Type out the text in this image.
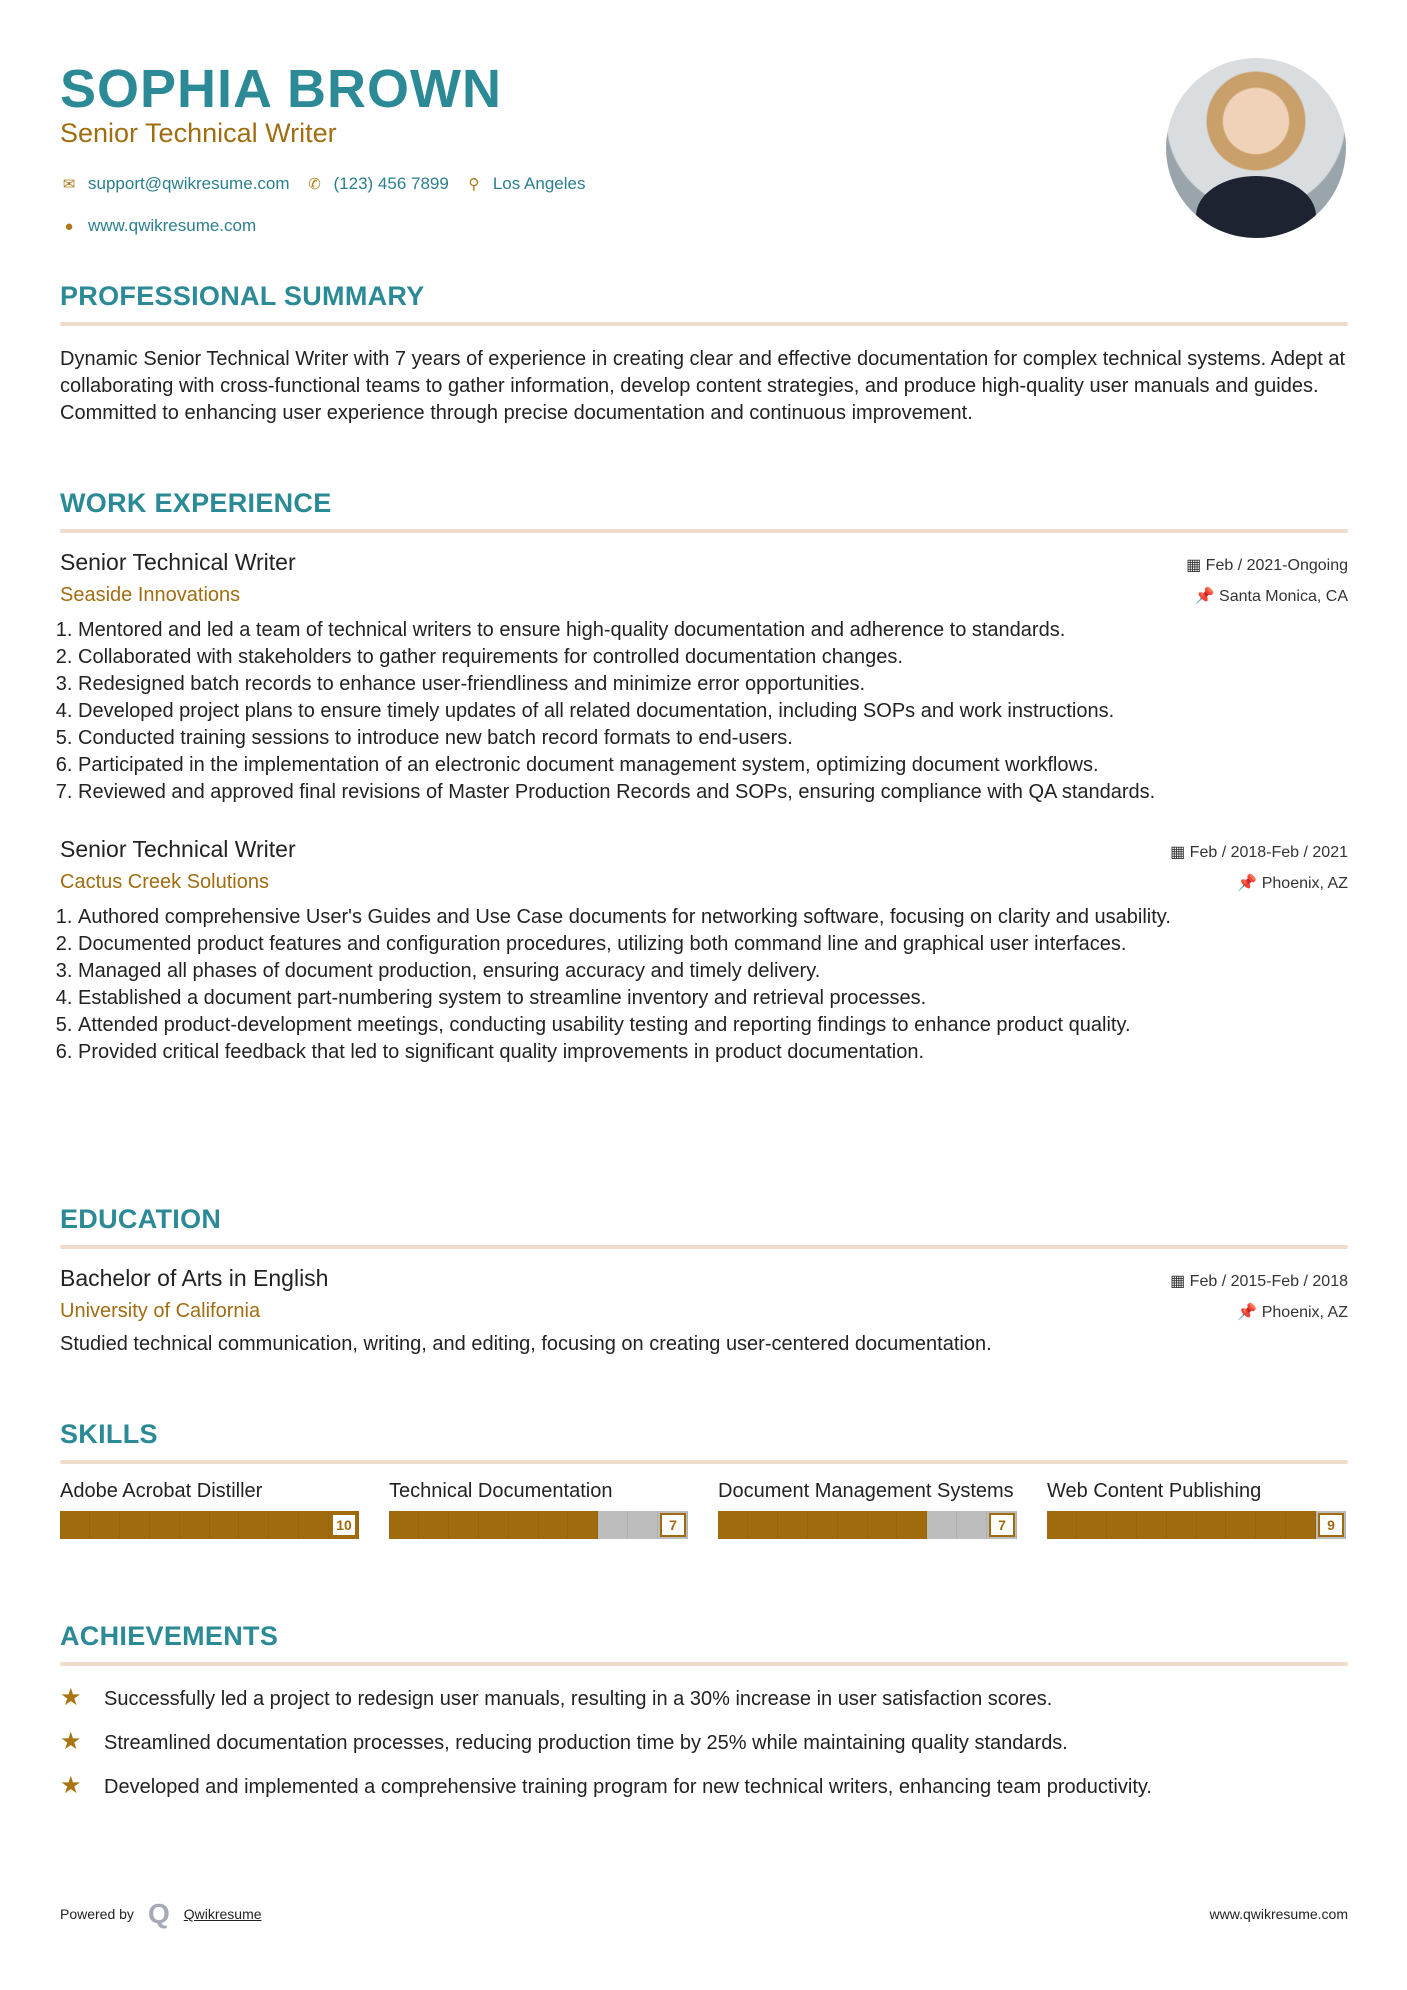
SOPHIA BROWN
Senior Technical Writer
✉ support@qwikresume.com ✆ (123) 456 7899 ⚲ Los Angeles
● www.qwikresume.com
PROFESSIONAL SUMMARY

Dynamic Senior Technical Writer with 7 years of experience in creating clear and effective documentation for complex technical systems. Adept at collaborating with cross-functional teams to gather information, develop content strategies, and produce high-quality user manuals and guides. Committed to enhancing user experience through precise documentation and continuous improvement.

WORK EXPERIENCE
Senior Technical Writer	▦ Feb / 2021-Ongoing
Seaside Innovations	📌 Santa Monica, CA
1. Mentored and led a team of technical writers to ensure high-quality documentation and adherence to standards.
2. Collaborated with stakeholders to gather requirements for controlled documentation changes.
3. Redesigned batch records to enhance user-friendliness and minimize error opportunities.
4. Developed project plans to ensure timely updates of all related documentation, including SOPs and work instructions.
5. Conducted training sessions to introduce new batch record formats to end-users.
6. Participated in the implementation of an electronic document management system, optimizing document workflows.
7. Reviewed and approved final revisions of Master Production Records and SOPs, ensuring compliance with QA standards.
Senior Technical Writer	▦ Feb / 2018-Feb / 2021
Cactus Creek Solutions	📌 Phoenix, AZ
1. Authored comprehensive User's Guides and Use Case documents for networking software, focusing on clarity and usability.
2. Documented product features and configuration procedures, utilizing both command line and graphical user interfaces.
3. Managed all phases of document production, ensuring accuracy and timely delivery.
4. Established a document part-numbering system to streamline inventory and retrieval processes.
5. Attended product-development meetings, conducting usability testing and reporting findings to enhance product quality.
6. Provided critical feedback that led to significant quality improvements in product documentation.
EDUCATION
Bachelor of Arts in English	▦ Feb / 2015-Feb / 2018
University of California	📌 Phoenix, AZ

Studied technical communication, writing, and editing, focusing on creating user-centered documentation.

SKILLS
Adobe Acrobat Distiller
10
Technical Documentation
7
Document Management Systems
7
Web Content Publishing
9
ACHIEVEMENTS
★	Successfully led a project to redesign user manuals, resulting in a 30% increase in user satisfaction scores.
★	Streamlined documentation processes, reducing production time by 25% while maintaining quality standards.
★	Developed and implemented a comprehensive training program for new technical writers, enhancing team productivity.
Powered by Q Qwikresume	www.qwikresume.com
